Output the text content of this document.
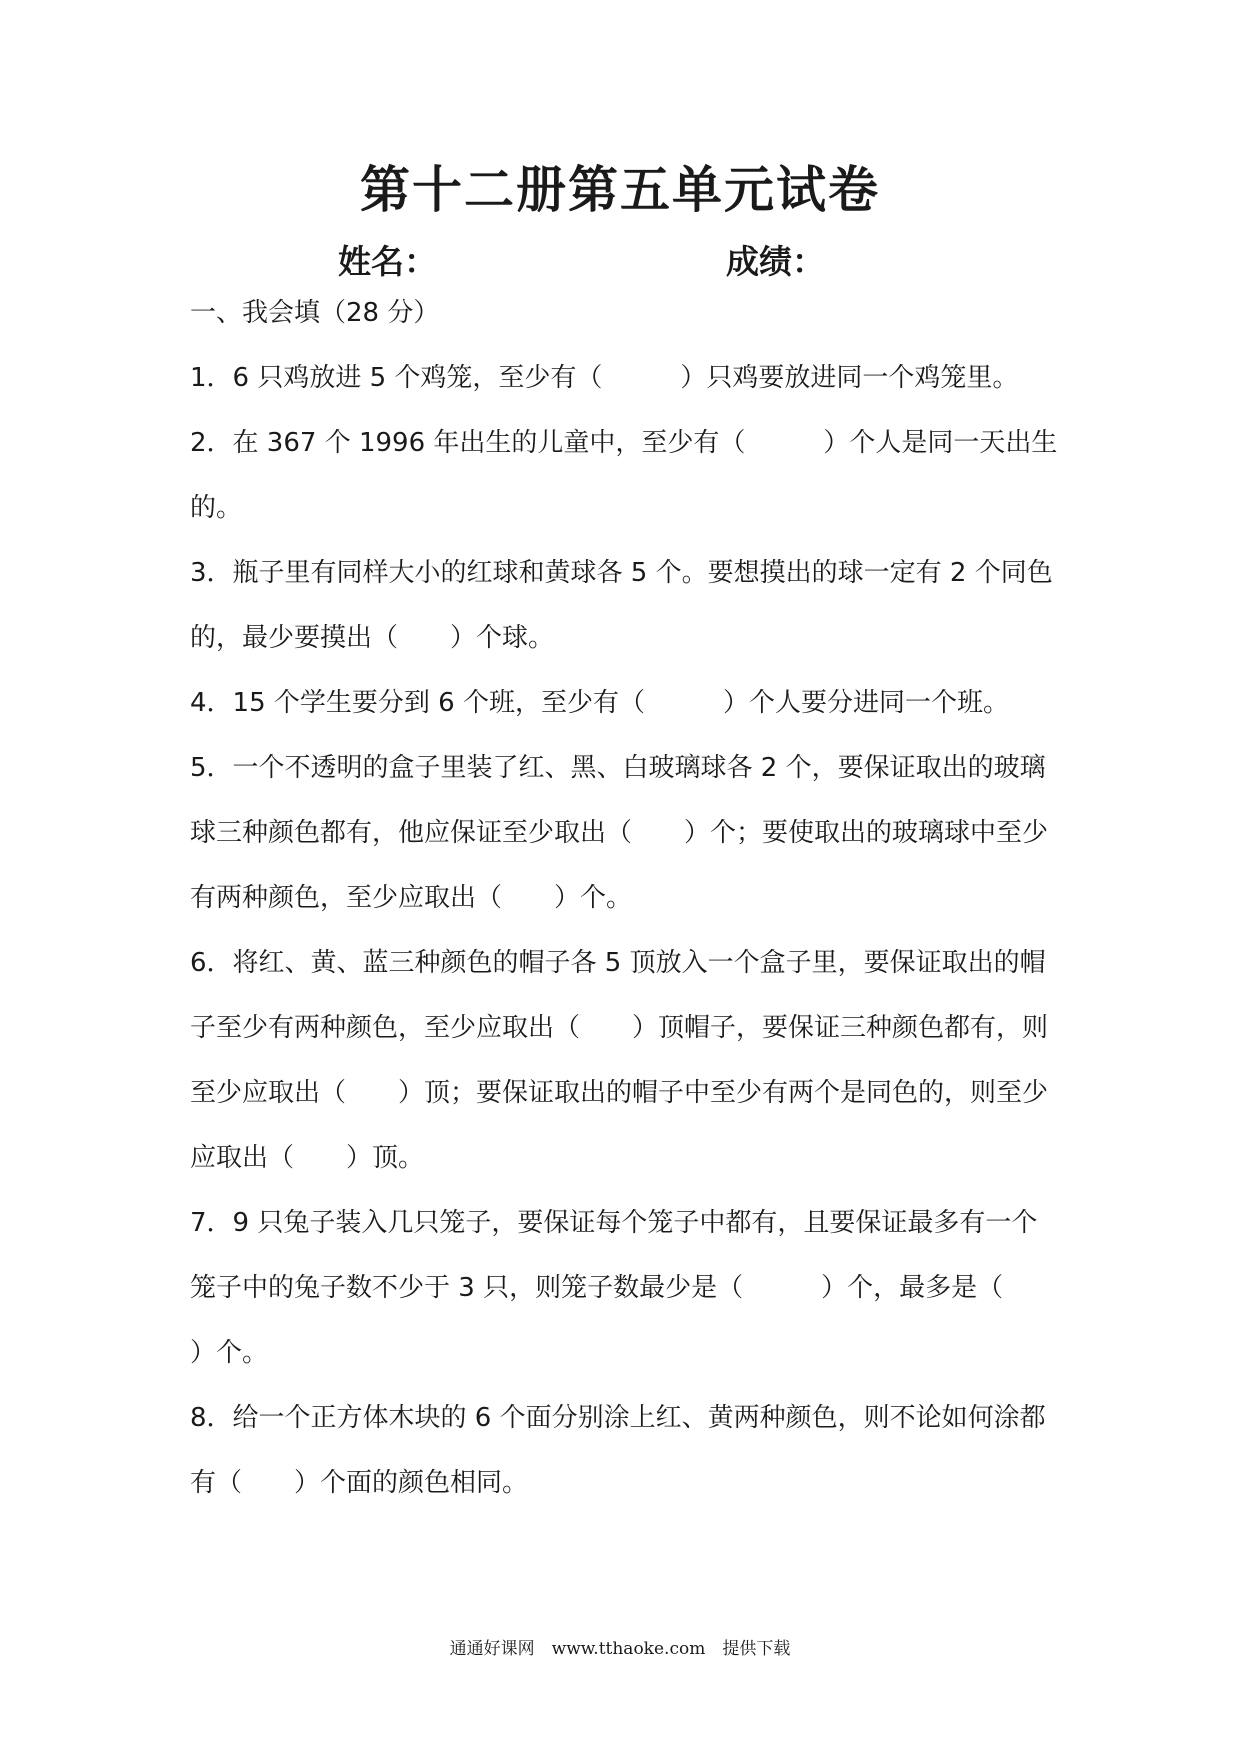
第十二册第五单元试卷
姓名：	成绩：
一、我会填（28 分）

1．6 只鸡放进 5 个鸡笼，至少有（　　　）只鸡要放进同一个鸡笼里。

2．在 367 个 1996 年出生的儿童中，至少有（　　　）个人是同一天出生的。

3．瓶子里有同样大小的红球和黄球各 5 个。要想摸出的球一定有 2 个同色的，最少要摸出（　　）个球。

4．15 个学生要分到 6 个班，至少有（　　　）个人要分进同一个班。

5．一个不透明的盒子里装了红、黑、白玻璃球各 2 个，要保证取出的玻璃球三种颜色都有，他应保证至少取出（　　）个；要使取出的玻璃球中至少有两种颜色，至少应取出（　　）个。

6．将红、黄、蓝三种颜色的帽子各 5 顶放入一个盒子里，要保证取出的帽子至少有两种颜色，至少应取出（　　）顶帽子，要保证三种颜色都有，则至少应取出（　　）顶；要保证取出的帽子中至少有两个是同色的，则至少应取出（　　）顶。

7．9 只兔子装入几只笼子，要保证每个笼子中都有，且要保证最多有一个笼子中的兔子数不少于 3 只，则笼子数最少是（　　　）个，最多是（　　　）个。

8．给一个正方体木块的 6 个面分别涂上红、黄两种颜色，则不论如何涂都有（　　）个面的颜色相同。

通通好课网　www.tthaoke.com　提供下载
